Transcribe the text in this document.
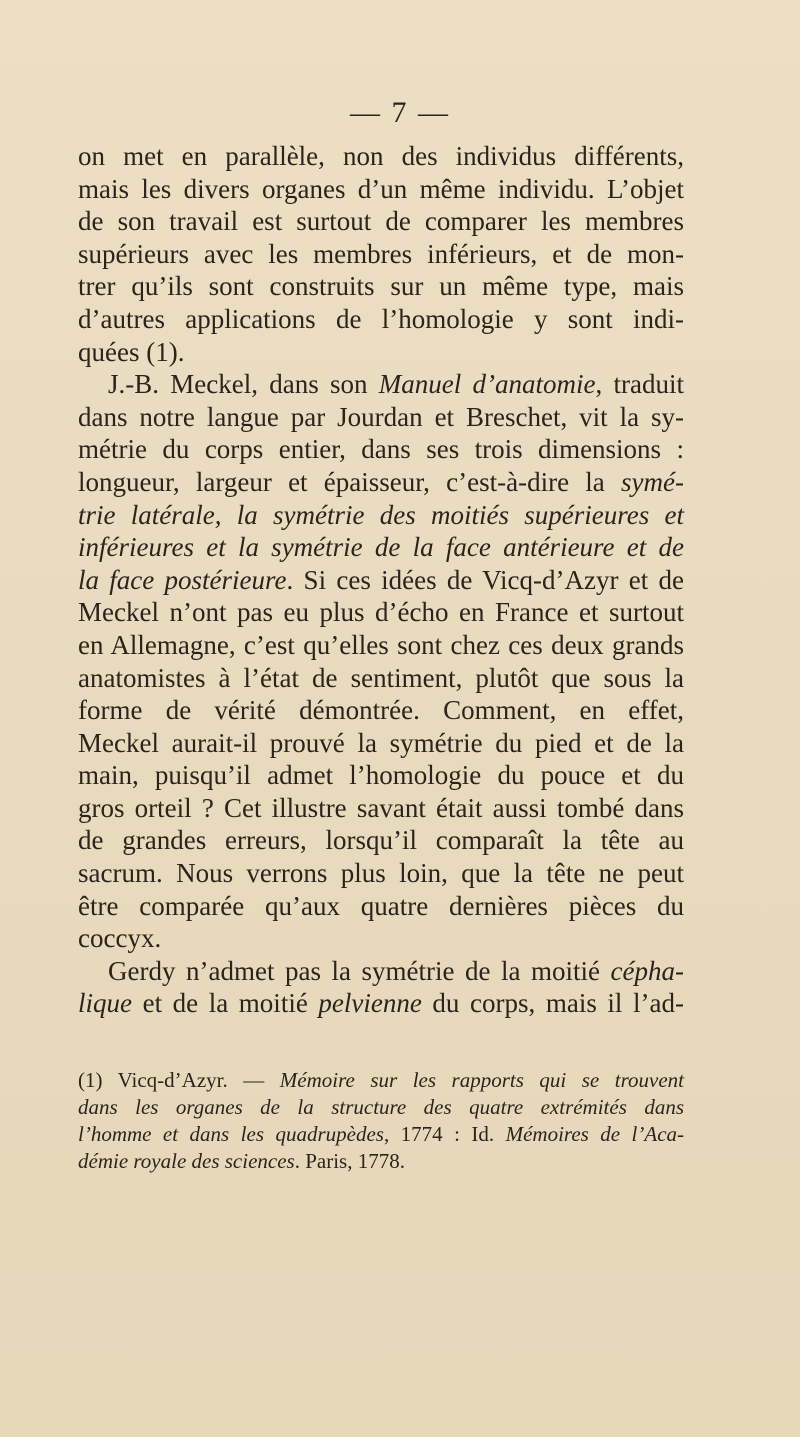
— 7 —
on met en parallèle, non des individus différents,
mais les divers organes d’un même individu. L’objet
de son travail est surtout de comparer les membres
supérieurs avec les membres inférieurs, et de mon-
trer qu’ils sont construits sur un même type, mais
d’autres applications de l’homologie y sont indi-
quées (1).
J.-B. Meckel, dans son Manuel d’anatomie, traduit
dans notre langue par Jourdan et Breschet, vit la sy-
métrie du corps entier, dans ses trois dimensions :
longueur, largeur et épaisseur, c’est-à-dire la symé-
trie latérale, la symétrie des moitiés supérieures et
inférieures et la symétrie de la face antérieure et de
la face postérieure. Si ces idées de Vicq-d’Azyr et de
Meckel n’ont pas eu plus d’écho en France et surtout
en Allemagne, c’est qu’elles sont chez ces deux grands
anatomistes à l’état de sentiment, plutôt que sous la
forme de vérité démontrée. Comment, en effet,
Meckel aurait-il prouvé la symétrie du pied et de la
main, puisqu’il admet l’homologie du pouce et du
gros orteil ? Cet illustre savant était aussi tombé dans
de grandes erreurs, lorsqu’il comparaît la tête au
sacrum. Nous verrons plus loin, que la tête ne peut
être comparée qu’aux quatre dernières pièces du
coccyx.
Gerdy n’admet pas la symétrie de la moitié cépha-
lique et de la moitié pelvienne du corps, mais il l’ad-
(1) Vicq-d’Azyr. — Mémoire sur les rapports qui se trouvent
dans les organes de la structure des quatre extrémités dans
l’homme et dans les quadrupèdes, 1774 : Id. Mémoires de l’Aca-
démie royale des sciences. Paris, 1778.
